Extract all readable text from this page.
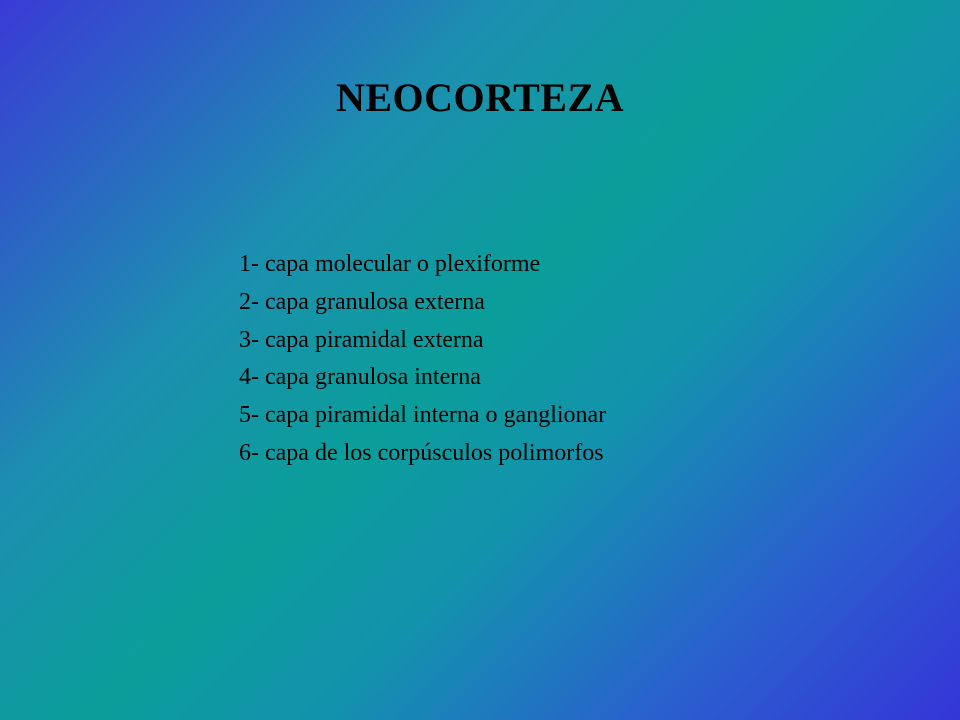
NEOCORTEZA
1- capa molecular o plexiforme
2- capa granulosa externa
3- capa piramidal externa
4- capa granulosa interna
5- capa piramidal interna o ganglionar
6- capa de los corpúsculos polimorfos
